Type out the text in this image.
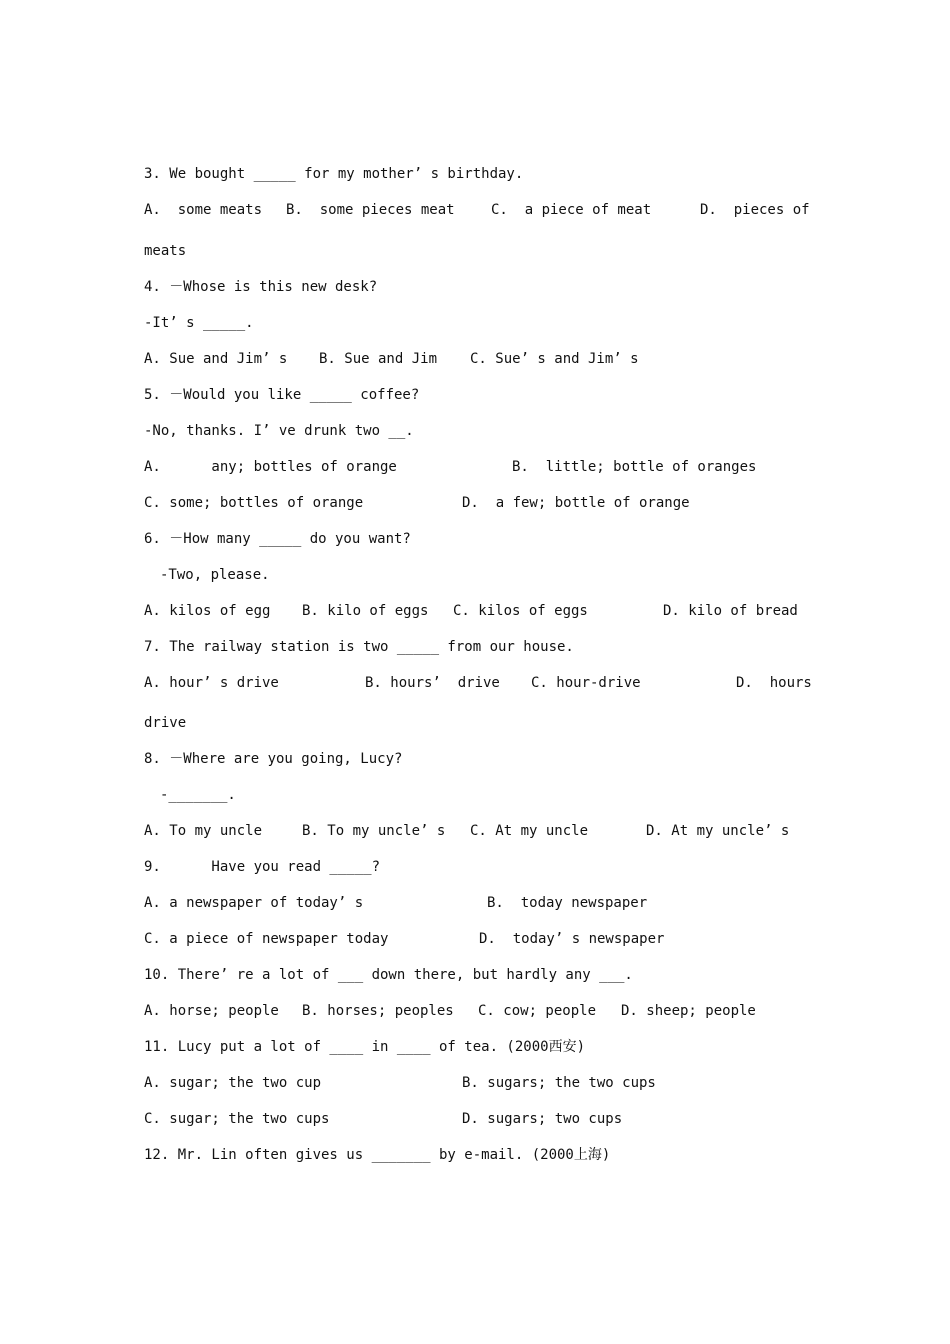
3. We bought _____ for my mother’ s birthday.

A.  some meats B.  some pieces meat	C.  a piece of meat	D.  pieces of

meats

4. －Whose is this new desk?

-It’ s _____.

A. Sue and Jim’ s B. Sue and Jim C. Sue’ s and Jim’ s

5. －Would you like _____ coffee?

-No, thanks. I’ ve drunk two __.

A.      any; bottles of orange	B.  little; bottle of oranges

C. some; bottles of orange	D.  a few; bottle of orange

6. －How many _____ do you want?

-Two, please.

A. kilos of egg B. kilo of eggs C. kilos of eggs	D. kilo of bread

7. The railway station is two _____ from our house.

A. hour’ s drive	B. hours’  drive C. hour-drive	D.  hours

drive

8. －Where are you going, Lucy?

-_______.

A. To my uncle	B. To my uncle’ s C. At my uncle	D. At my uncle’ s

9.      Have you read _____?

A. a newspaper of today’ s	B.  today newspaper

C. a piece of newspaper today	D.  today’ s newspaper

10. There’ re a lot of ___ down there, but hardly any ___.

A. horse; people B. horses; peoples C. cow; people D. sheep; people

11. Lucy put a lot of ____ in ____ of tea. (2000西安)

A. sugar; the two cup	B. sugars; the two cups

C. sugar; the two cups	D. sugars; two cups

12. Mr. Lin often gives us _______ by e-mail. (2000上海)
